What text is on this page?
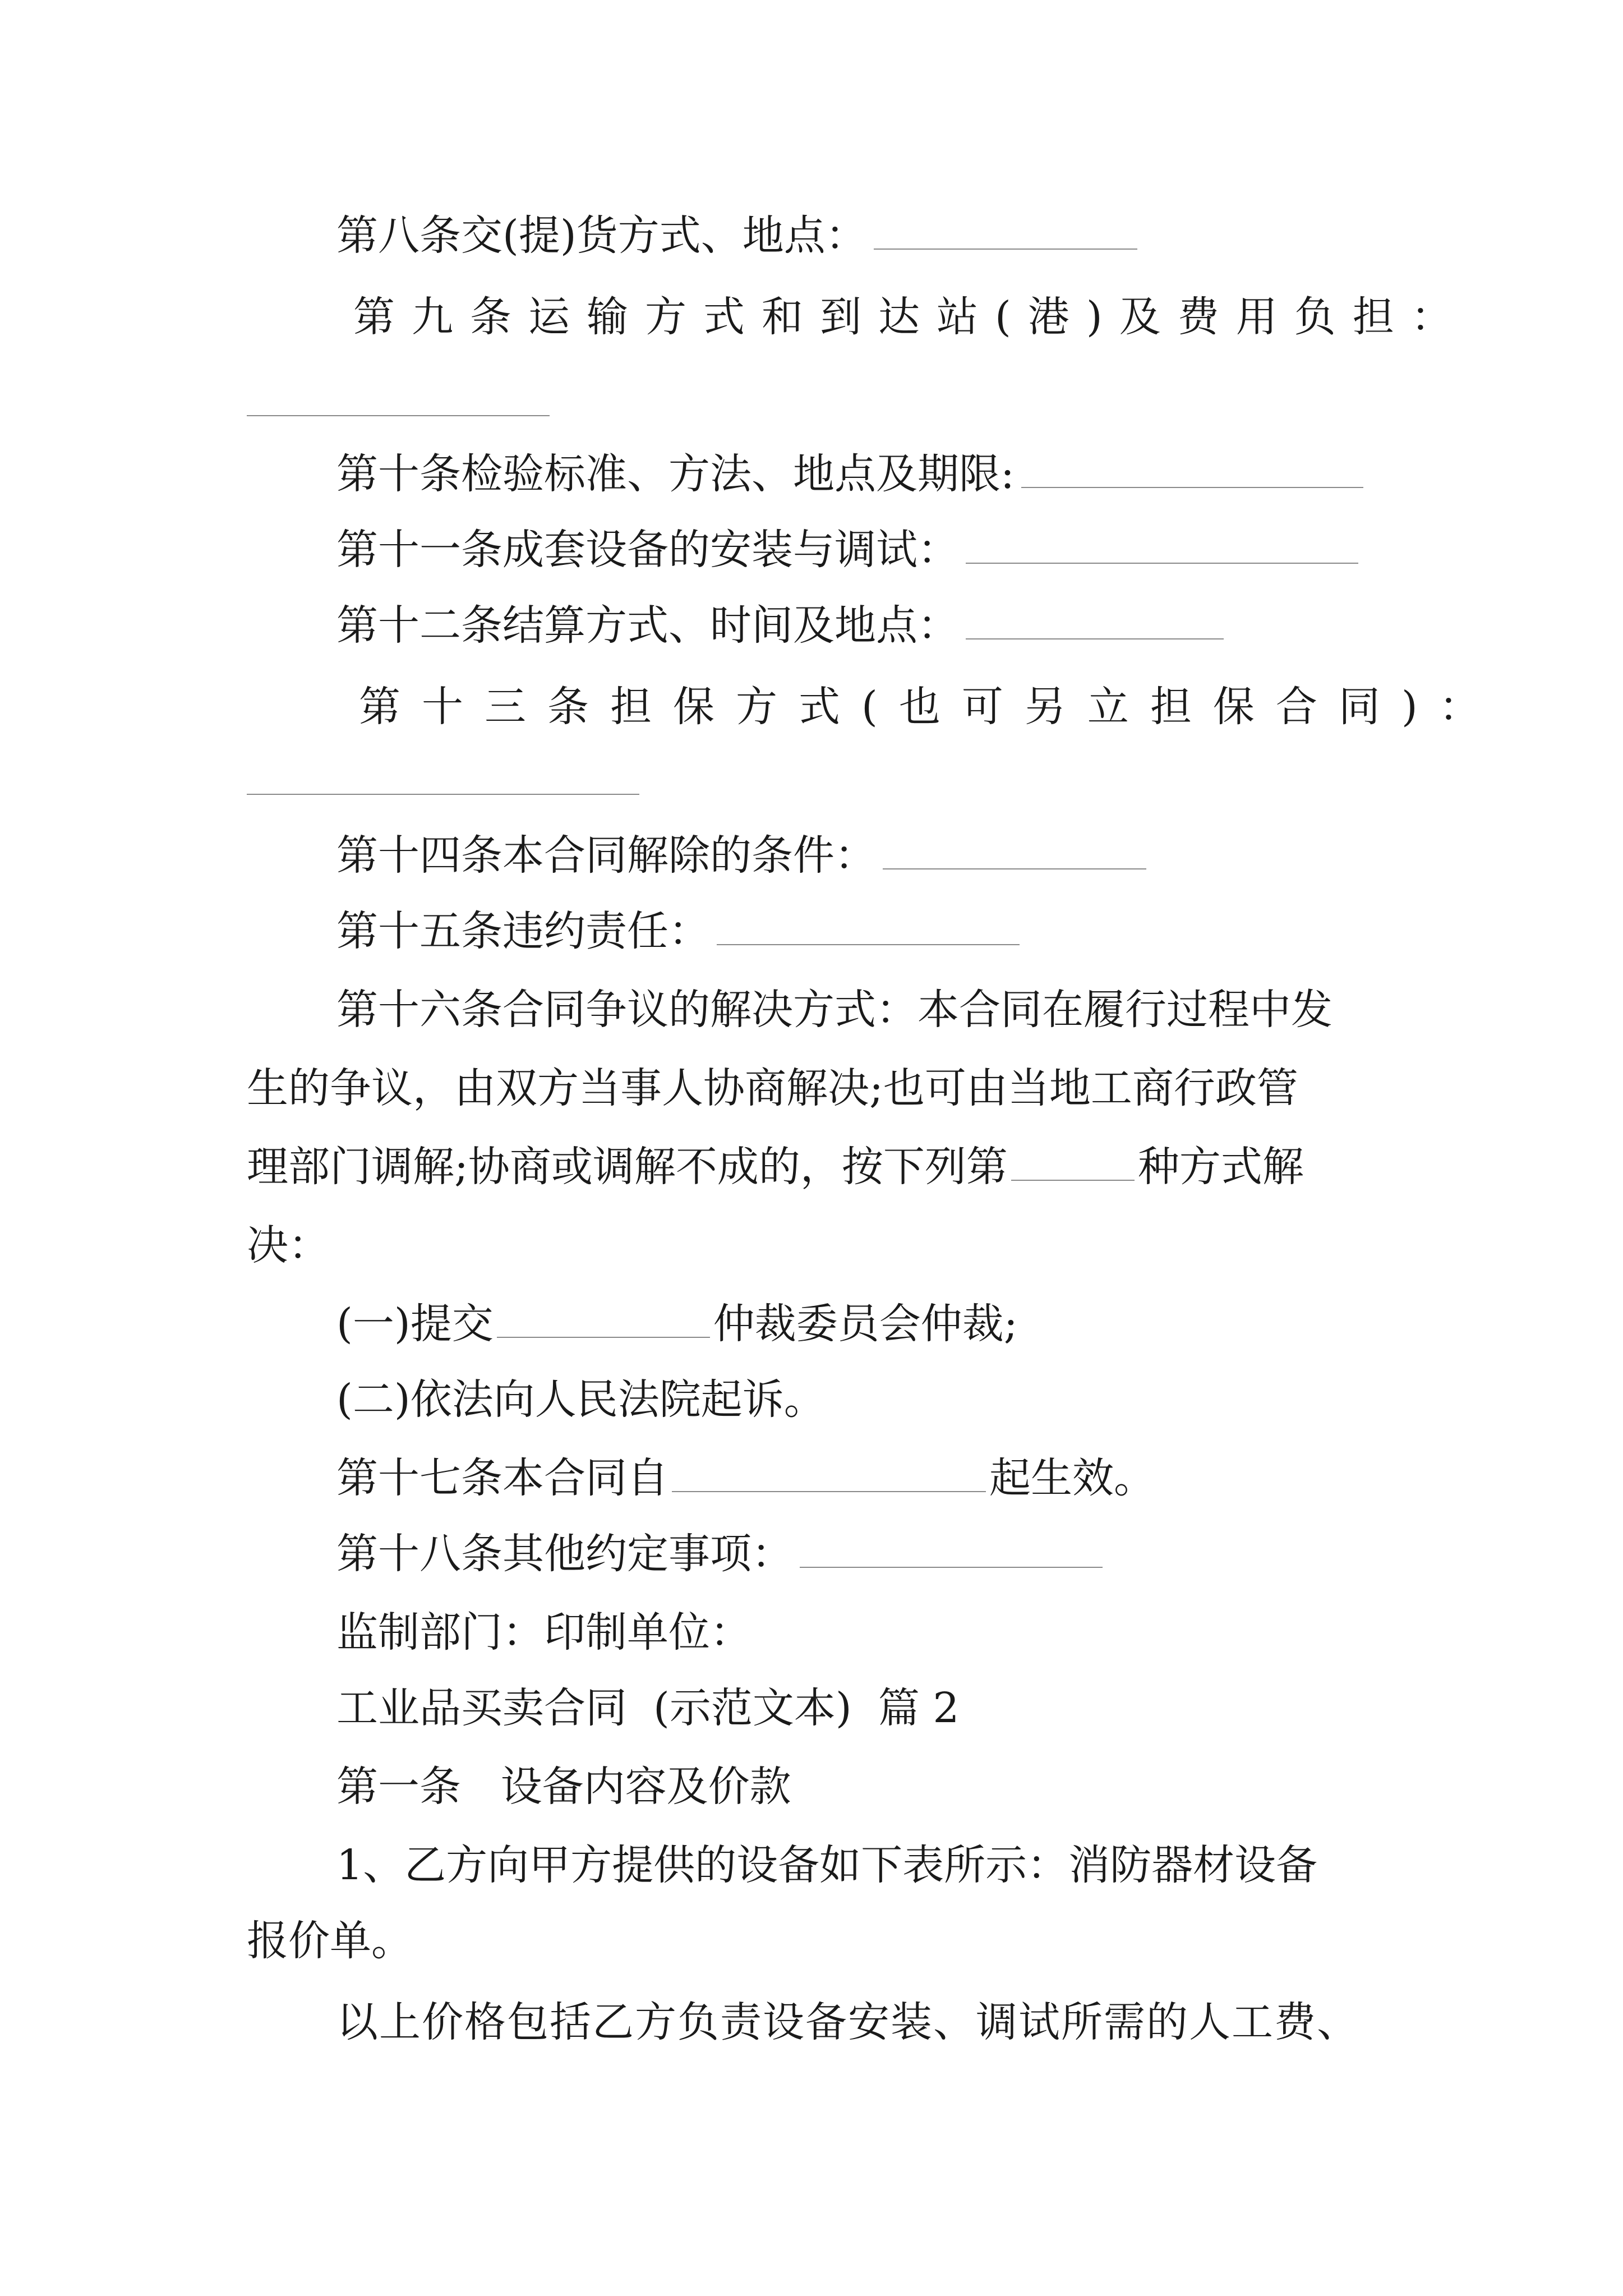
第八条交(提)货方式、地点：
第九条运输方式和到达站(港)及费用负担：
第十条检验标准、方法、地点及期限:
第十一条成套设备的安装与调试：
第十二条结算方式、时间及地点：
第十三条担保方式(也可另立担保合同)：
第十四条本合同解除的条件：
第十五条违约责任：
第十六条合同争议的解决方式：本合同在履行过程中发
生的争议，由双方当事人协商解决;也可由当地工商行政管
理部门调解;协商或调解不成的，按下列第	种方式解
决：
(一)提交	仲裁委员会仲裁;
(二)依法向人民法院起诉。
第十七条本合同自	起生效。
第十八条其他约定事项：
监制部门：印制单位：
工业品买卖合同  (示范文本)  篇 2
第一条   设备内容及价款
1、乙方向甲方提供的设备如下表所示：消防器材设备
报价单。
以上价格包括乙方负责设备安装、调试所需的人工费、
